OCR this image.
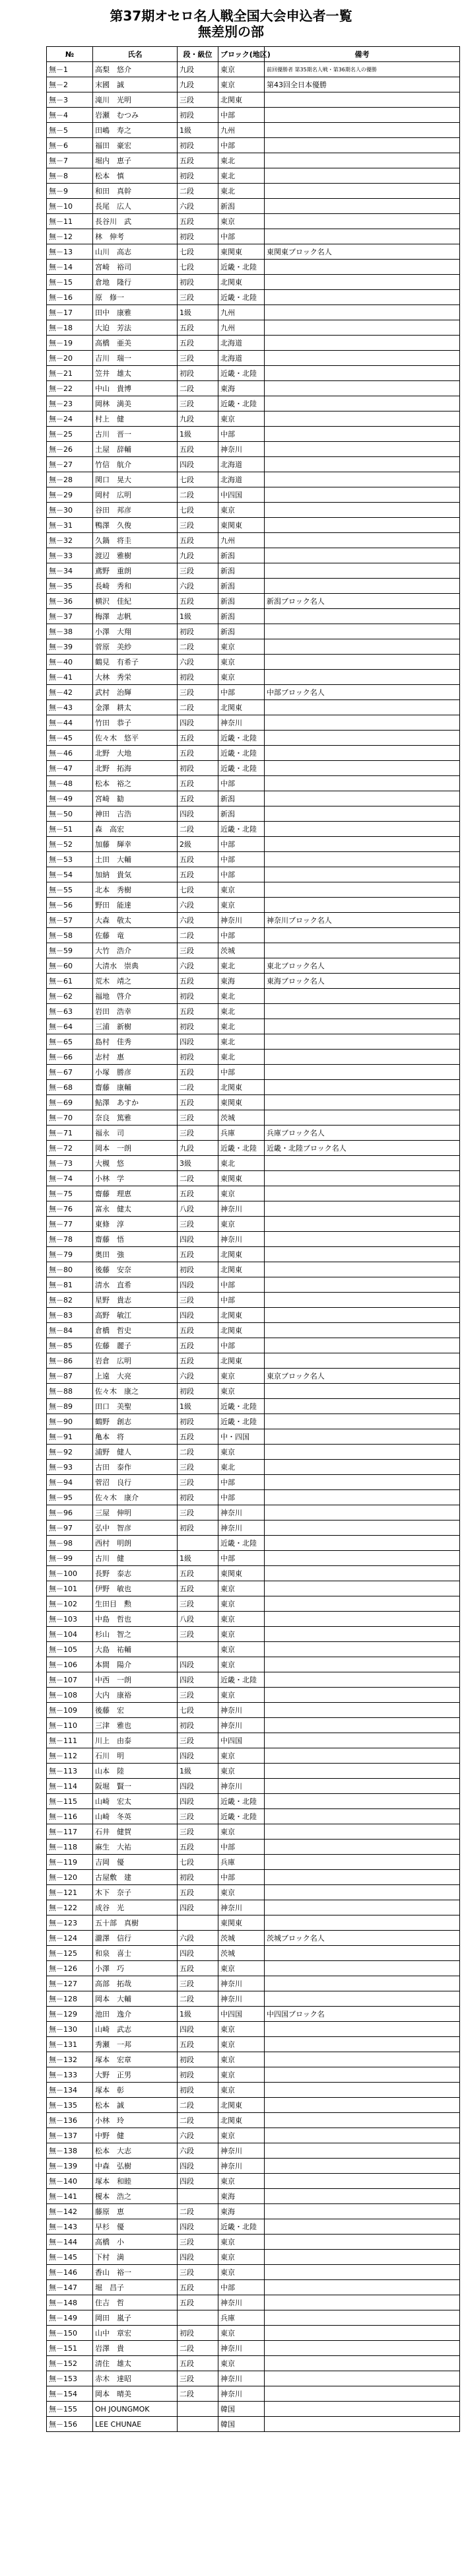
第37期オセロ名人戦全国大会申込者一覧
無差別の部
№	氏名	段・級位	ブロック(地区)	備考
無－1	高梨　悠介	九段	東京	前回優勝者 第35期名人戦・第36期名人の優勝
無－2	末國　誠	九段	東京	第43回全日本優勝
無－3	滝川　光明	三段	北関東	
無－4	岩瀬　むつみ	初段	中部	
無－5	田嶋　寿之	1級	九州	
無－6	福田　豪宏	初段	中部	
無－7	堀内　恵子	五段	東北	
無－8	松本　慎	初段	東北	
無－9	和田　真幹	二段	東北	
無－10	長尾　広人	六段	新潟	
無－11	長谷川　武	五段	東京	
無－12	林　伸考	初段	中部	
無－13	山川　高志	七段	東関東	東関東ブロック名人
無－14	宮崎　裕司	七段	近畿・北陸	
無－15	倉地　隆行	初段	北関東	
無－16	原　修一	三段	近畿・北陸	
無－17	田中　康雅	1級	九州	
無－18	大迫　芳法	五段	九州	
無－19	高橋　亜美	五段	北海道	
無－20	吉川　瑞一	三段	北海道	
無－21	笠井　雄太	初段	近畿・北陸	
無－22	中山　貴博	二段	東海	
無－23	岡林　満美	三段	近畿・北陸	
無－24	村上　健	九段	東京	
無－25	古川　晋一	1級	中部	
無－26	土屋　辞輔	五段	神奈川	
無－27	竹信　航介	四段	北海道	
無－28	関口　晃大	七段	北海道	
無－29	岡村　広明	二段	中四国	
無－30	谷田　邦彦	七段	東京	
無－31	鴨澤　久俊	三段	東関東	
無－32	久鍋　将圭	五段	九州	
無－33	渡辺　雅樹	九段	新潟	
無－34	鳶野　重朗	三段	新潟	
無－35	長崎　秀和	六段	新潟	
無－36	横沢　佳紀	五段	新潟	新潟ブロック名人
無－37	梅澤　志帆	1級	新潟	
無－38	小澤　大翔	初段	新潟	
無－39	菅原　美紗	二段	東京	
無－40	鶴見　有希子	六段	東京	
無－41	大林　秀栄	初段	東京	
無－42	武村　治輝	三段	中部	中部ブロック名人
無－43	金澤　耕太	二段	北関東	
無－44	竹田　恭子	四段	神奈川	
無－45	佐々木　悠平	五段	近畿・北陸	
無－46	北野　大地	五段	近畿・北陸	
無－47	北野　拓海	初段	近畿・北陸	
無－48	松本　裕之	五段	中部	
無－49	宮崎　勧	五段	新潟	
無－50	神田　吉浩	四段	新潟	
無－51	森　高宏	二段	近畿・北陸	
無－52	加藤　輝幸	2級	中部	
無－53	土田　大輔	五段	中部	
無－54	加納　貴気	五段	中部	
無－55	北本　秀樹	七段	東京	
無－56	野田　能達	六段	東京	
無－57	大森　敬太	六段	神奈川	神奈川ブロック名人
無－58	佐藤　竜	二段	中部	
無－59	大竹　浩介	三段	茨城	
無－60	大清水　崇典	六段	東北	東北ブロック名人
無－61	荒木　靖之	五段	東海	東海ブロック名人
無－62	福地　啓介	初段	東北	
無－63	岩田　浩幸	五段	東北	
無－64	三浦　新樹	初段	東北	
無－65	島村　佳秀	四段	東北	
無－66	志村　惠	初段	東北	
無－67	小塚　勝彦	五段	中部	
無－68	齋藤　康輔	二段	北関東	
無－69	鮎澤　あすか	五段	東関東	
無－70	奈良　篤雅	三段	茨城	
無－71	福永　司	三段	兵庫	兵庫ブロック名人
無－72	岡本　一朗	九段	近畿・北陸	近畿・北陸ブロック名人
無－73	大槻　悠	3級	東北	
無－74	小林　学	二段	東関東	
無－75	齋藤　理恵	五段	東京	
無－76	富永　健太	八段	神奈川	
無－77	東條　淳	三段	東京	
無－78	齋藤　悟	四段	神奈川	
無－79	奥田　強	五段	北関東	
無－80	後藤　安奈	初段	北関東	
無－81	清水　直希	四段	中部	
無－82	星野　貴志	三段	中部	
無－83	高野　敏江	四段	北関東	
無－84	倉橋　哲史	五段	北関東	
無－85	佐藤　麗子	五段	中部	
無－86	岩倉　広明	五段	北関東	
無－87	上遠　大亮	六段	東京	東京ブロック名人
無－88	佐々木　康之	初段	東京	
無－89	田口　美聖	1級	近畿・北陸	
無－90	鶴野　創志	初段	近畿・北陸	
無－91	亀本　将	五段	中・四国	
無－92	浦野　健人	二段	東京	
無－93	古田　泰作	三段	東北	
無－94	菅沼　良行	三段	中部	
無－95	佐々木　康介	初段	中部	
無－96	三屋　伸明	三段	神奈川	
無－97	弘中　智彦	初段	神奈川	
無－98	西村　明朗		近畿・北陸	
無－99	古川　健	1級	中部	
無－100	長野　泰志	五段	東関東	
無－101	伊野　敏也	五段	東京	
無－102	生田目　勲	三段	東京	
無－103	中島　哲也	八段	東京	
無－104	杉山　智之	三段	東京	
無－105	大島　祐輔		東京	
無－106	本間　陽介	四段	東京	
無－107	中西　一朗	四段	近畿・北陸	
無－108	大内　康裕	三段	東京	
無－109	後藤　宏	七段	神奈川	
無－110	三津　雅也	初段	神奈川	
無－111	川上　由泰	三段	中四国	
無－112	石川　明	四段	東京	
無－113	山本　陸	1級	東京	
無－114	阪堀　賢一	四段	神奈川	
無－115	山崎　宏太	四段	近畿・北陸	
無－116	山崎　冬英	三段	近畿・北陸	
無－117	石井　健賀	三段	東京	
無－118	麻生　大祐	五段	中部	
無－119	吉岡　優	七段	兵庫	
無－120	古屋敷　建	初段	中部	
無－121	木下　奈子	五段	東京	
無－122	成谷　光	四段	神奈川	
無－123	五十部　真樹		東関東	
無－124	瀧澤　信行	六段	茨城	茨城ブロック名人
無－125	和泉　喜士	四段	茨城	
無－126	小澤　巧	五段	東京	
無－127	高部　拓哉	三段	神奈川	
無－128	岡本　大輔	二段	神奈川	
無－129	池田　逸介	1級	中四国	中四国ブロック名
無－130	山崎　武志	四段	東京	
無－131	秀瀬　一邦	五段	東京	
無－132	塚本　宏章	初段	東京	
無－133	大野　正男	初段	東京	
無－134	塚本　彰	初段	東京	
無－135	松本　誠	二段	北関東	
無－136	小林　玲	二段	北関東	
無－137	中野　健	六段	東京	
無－138	松本　大志	六段	神奈川	
無－139	中森　弘樹	四段	神奈川	
無－140	塚本　和睦	四段	東京	
無－141	榎本　浩之		東海	
無－142	藤原　恵	二段	東海	
無－143	早杉　優	四段	近畿・北陸	
無－144	高橋　小	三段	東京	
無－145	下村　満	四段	東京	
無－146	香山　裕一	三段	東京	
無－147	堀　昌子	五段	中部	
無－148	住吉　哲	五段	神奈川	
無－149	岡田　嵐子		兵庫	
無－150	山中　章宏	初段	東京	
無－151	岩澤　貴	二段	神奈川	
無－152	清住　雄太	五段	東京	
無－153	赤木　達昭	三段	神奈川	
無－154	岡本　晴美	二段	神奈川	
無－155	OH JOUNGMOK		韓国	
無－156	LEE CHUNAE		韓国	
